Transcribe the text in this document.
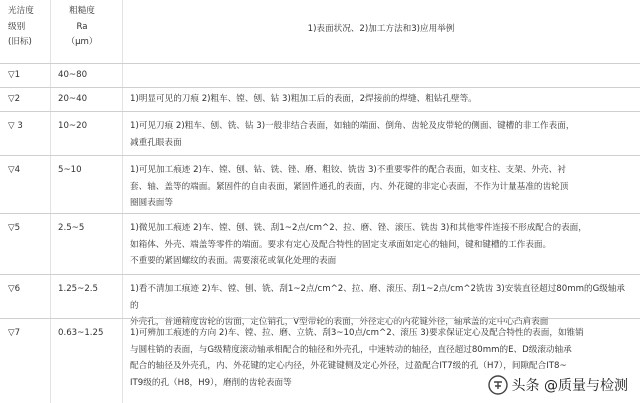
光洁度
级别
(旧标)
粗糙度
Ra
（μm）
1)表面状况、2)加工方法和3)应用举例
▽1	40~80
▽2	20~40	1)明显可见的刀痕 2)粗车、镗、刨、钻 3)粗加工后的表面，2焊接前的焊缝、粗钻孔壁等。
▽ 3	10~20	1)可见刀痕 2)粗车、刨、铣、钻 3)一般非结合表面，如轴的端面、倒角、齿轮及皮带轮的侧面、键槽的非工作表面，
减重孔眼表面
▽4	5~10	1)可见加工痕迹 2)车、镗、刨、钻、铣、锉、磨、粗铰、铣齿 3)不重要零件的配合表面，如支柱、支架、外壳、衬
套、轴、盖等的端面。紧固件的自由表面，紧固件通孔的表面，内、外花键的非定心表面，不作为计量基准的齿轮顶
圈圆表面等
▽5	2.5~5	1)微见加工痕迹 2)车、镗、刨、铣、刮1~2点/cm^2、拉、磨、锉、滚压、铣齿 3)和其他零件连接不形成配合的表面，
如箱体、外壳、端盖等零件的端面。要求有定心及配合特性的固定支承面如定心的轴间，键和键槽的工作表面。
不重要的紧固螺纹的表面。需要滚花或氧化处理的表面
▽6	1.25~2.5	1)看不清加工痕迹 2)车、镗、刨、铣、刮1~2点/cm^2、拉、磨、滚压、刮1~2点/cm^2铣齿 3)安装直径超过80mm的G级轴承的
外壳孔，普通精度齿轮的齿面，定位销孔，V型带轮的表面，外径定心的内花键外径，轴承盖的定中心凸肩表面
▽7	0.63~1.25	1)可辨加工痕迹的方向 2)车、镗、拉、磨、立铣、刮3~10点/cm^2、滚压 3)要求保证定心及配合特性的表面，如锥销
与圆柱销的表面，与G级精度滚动轴承相配合的轴径和外壳孔，中速转动的轴径，直径超过80mm的E、D级滚动轴承
配合的轴径及外壳孔，内、外花键的定心内径，外花键键侧及定心外径，过盈配合IT7级的孔（H7），间隙配合IT8~
IT9级的孔（H8，H9），磨削的齿轮表面等	头条 @质量与检测
